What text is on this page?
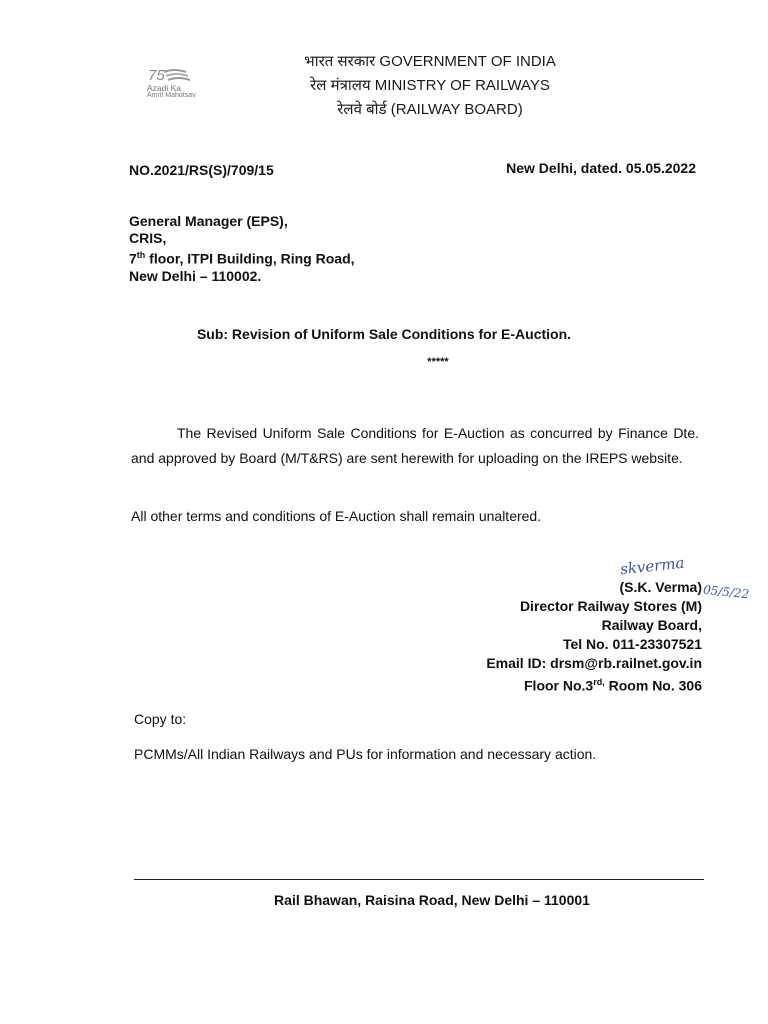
75
Azadi Ka
Amrit Mahotsav
भारत सरकार GOVERNMENT OF INDIA
रेल मंत्रालय MINISTRY OF RAILWAYS
रेलवे बोर्ड (RAILWAY BOARD)
NO.2021/RS(S)/709/15	New Delhi, dated. 05.05.2022
General Manager (EPS),
CRIS,
7th floor, ITPI Building, Ring Road,
New Delhi – 110002.
Sub: Revision of Uniform Sale Conditions for E-Auction.
*****

The Revised Uniform Sale Conditions for E-Auction as concurred by Finance Dte. and approved by Board (M/T&RS) are sent herewith for uploading on the IREPS website.

All other terms and conditions of E-Auction shall remain unaltered.
skverma
05/5/22
(S.K. Verma)
Director Railway Stores (M)
Railway Board,
Tel No. 011-23307521
Email ID: drsm@rb.railnet.gov.in
Floor $No.3^{rd,}$ Room No. 306
Copy to:
PCMMs/All Indian Railways and PUs for information and necessary action.
Rail Bhawan, Raisina Road, New Delhi – 110001
